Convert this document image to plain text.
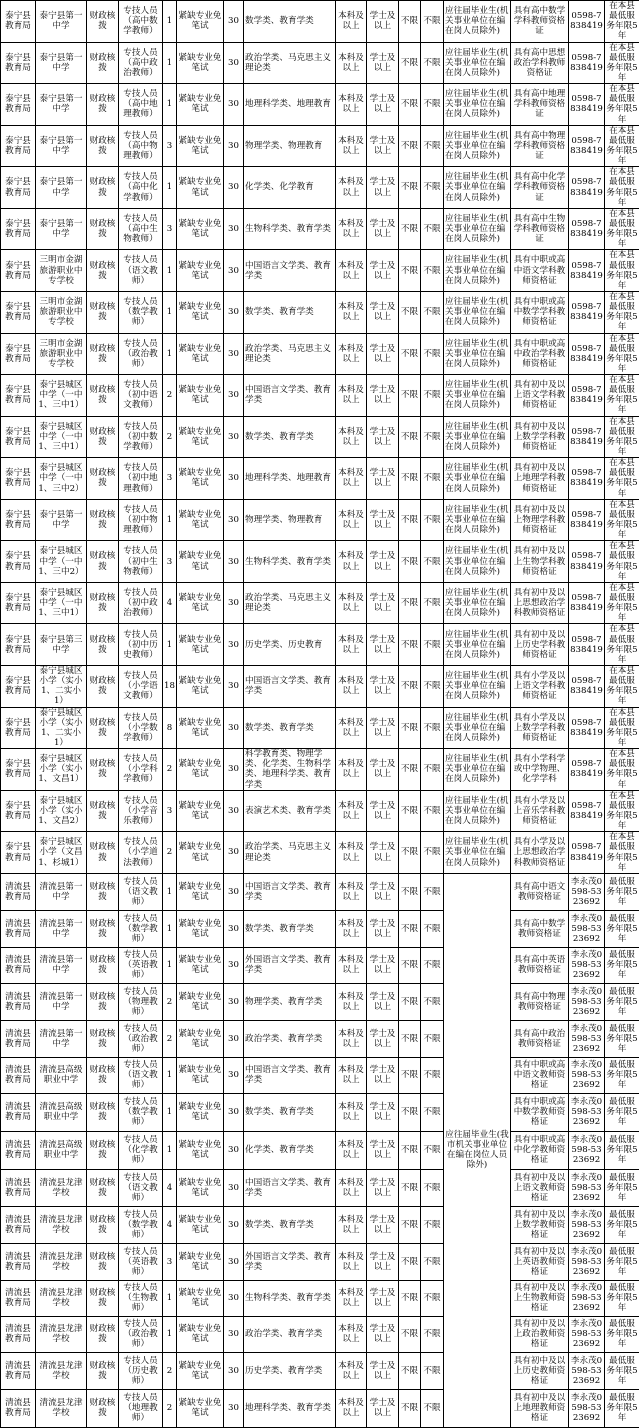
泰宁县教育局	泰宁县第一中学	财政核拨	专技人员（高中数学教师）	1	紧缺专业免笔试	30	数学类、教育学类	本科及以上	学士及以上	不限	不限	应往届毕业生(机关事业单位在编在岗人员除外)	具有高中数学学科教师资格证	0598-7838419	在本县最低服务年限5年
泰宁县教育局	泰宁县第一中学	财政核拨	专技人员（高中政治教师）	1	紧缺专业免笔试	30	政治学类、马克思主义理论类	本科及以上	学士及以上	不限	不限	应往届毕业生(机关事业单位在编在岗人员除外)	具有高中思想政治学科教师资格证	0598-7838419	在本县最低服务年限5年
泰宁县教育局	泰宁县第一中学	财政核拨	专技人员（高中地理教师）	1	紧缺专业免笔试	30	地理科学类、地理教育	本科及以上	学士及以上	不限	不限	应往届毕业生(机关事业单位在编在岗人员除外)	具有高中地理学科教师资格证	0598-7838419	在本县最低服务年限5年
泰宁县教育局	泰宁县第一中学	财政核拨	专技人员（高中物理教师）	3	紧缺专业免笔试	30	物理学类、物理教育	本科及以上	学士及以上	不限	不限	应往届毕业生(机关事业单位在编在岗人员除外)	具有高中物理学科教师资格证	0598-7838419	在本县最低服务年限5年
泰宁县教育局	泰宁县第一中学	财政核拨	专技人员（高中化学教师）	1	紧缺专业免笔试	30	化学类、化学教育	本科及以上	学士及以上	不限	不限	应往届毕业生(机关事业单位在编在岗人员除外)	具有高中化学学科教师资格证	0598-7838419	在本县最低服务年限5年
泰宁县教育局	泰宁县第一中学	财政核拨	专技人员（高中生物教师）	3	紧缺专业免笔试	30	生物科学类、教育学类	本科及以上	学士及以上	不限	不限	应往届毕业生(机关事业单位在编在岗人员除外)	具有高中生物学科教师资格证	0598-7838419	在本县最低服务年限5年
泰宁县教育局	三明市金湖旅游职业中专学校	财政核拨	专技人员（语文教师）	1	紧缺专业免笔试	30	中国语言文学类、教育学类	本科及以上	学士及以上	不限	不限	应往届毕业生(机关事业单位在编在岗人员除外)	具有中职或高中语文学科教师资格证	0598-7838419	在本县最低服务年限5年
泰宁县教育局	三明市金湖旅游职业中专学校	财政核拨	专技人员（数学教师）	1	紧缺专业免笔试	30	数学类、教育学类	本科及以上	学士及以上	不限	不限	应往届毕业生(机关事业单位在编在岗人员除外)	具有中职或高中数学学科教师资格证	0598-7838419	在本县最低服务年限5年
泰宁县教育局	三明市金湖旅游职业中专学校	财政核拨	专技人员（政治教师）	1	紧缺专业免笔试	30	政治学类、马克思主义理论类	本科及以上	学士及以上	不限	不限	应往届毕业生(机关事业单位在编在岗人员除外)	具有中职或高中政治学科教师资格证	0598-7838419	在本县最低服务年限5年
泰宁县教育局	泰宁县城区中学（一中1、三中1）	财政核拨	专技人员（初中语文教师）	2	紧缺专业免笔试	30	中国语言文学类、教育学类	本科及以上	学士及以上	不限	不限	应往届毕业生(机关事业单位在编在岗人员除外)	具有初中及以上语文学科教师资格证	0598-7838419	在本县最低服务年限5年
泰宁县教育局	泰宁县城区中学（一中1、三中1）	财政核拨	专技人员（初中数学教师）	2	紧缺专业免笔试	30	数学类、教育学类	本科及以上	学士及以上	不限	不限	应往届毕业生(机关事业单位在编在岗人员除外)	具有初中及以上数学学科教师资格证	0598-7838419	在本县最低服务年限5年
泰宁县教育局	泰宁县城区中学（一中1、三中2）	财政核拨	专技人员（初中地理教师）	3	紧缺专业免笔试	30	地理科学类、地理教育	本科及以上	学士及以上	不限	不限	应往届毕业生(机关事业单位在编在岗人员除外)	具有初中及以上地理学科教师资格证	0598-7838419	在本县最低服务年限5年
泰宁县教育局	泰宁县第一中学	财政核拨	专技人员（初中物理教师）	1	紧缺专业免笔试	30	物理学类、物理教育	本科及以上	学士及以上	不限	不限	应往届毕业生(机关事业单位在编在岗人员除外)	具有初中及以上物理学科教师资格证	0598-7838419	在本县最低服务年限5年
泰宁县教育局	泰宁县城区中学（一中1、三中2）	财政核拨	专技人员（初中生物教师）	3	紧缺专业免笔试	30	生物科学类、教育学类	本科及以上	学士及以上	不限	不限	应往届毕业生(机关事业单位在编在岗人员除外)	具有初中及以上生物学科教师资格证	0598-7838419	在本县最低服务年限5年
泰宁县教育局	泰宁县城区中学（一中1、三中1）	财政核拨	专技人员（初中政治教师）	4	紧缺专业免笔试	30	政治学类、马克思主义理论类	本科及以上	学士及以上	不限	不限	应往届毕业生(机关事业单位在编在岗人员除外)	具有初中及以上思想政治学科教师资格证	0598-7838419	在本县最低服务年限5年
泰宁县教育局	泰宁县第三中学	财政核拨	专技人员（初中历史教师）	1	紧缺专业免笔试	30	历史学类、历史教育	本科及以上	学士及以上	不限	不限	应往届毕业生(机关事业单位在编在岗人员除外)	具有初中及以上历史学科教师资格证	0598-7838419	在本县最低服务年限5年
泰宁县教育局	泰宁县城区小学（实小1、二实小1）	财政核拨	专技人员（小学语文教师）	18	紧缺专业免笔试	30	中国语言文学类、教育学类	本科及以上	学士及以上	不限	不限	应往届毕业生(机关事业单位在编在岗人员除外)	具有小学及以上语文学科教师资格证	0598-7838419	在本县最低服务年限5年
泰宁县教育局	泰宁县城区小学（实小1、二实小1）	财政核拨	专技人员（小学数学教师）	8	紧缺专业免笔试	30	数学类、教育学类	本科及以上	学士及以上	不限	不限	应往届毕业生(机关事业单位在编在岗人员除外)	具有小学及以上数学学科教师资格证	0598-7838419	在本县最低服务年限5年
泰宁县教育局	泰宁县城区小学（实小1、文昌1）	财政核拨	专技人员（小学科学教师）	2	紧缺专业免笔试	30	科学教育类、物理学类、化学类、生物科学类、地理科学类、教育学类	本科及以上	学士及以上	不限	不限	应往届毕业生(机关事业单位在编在岗人员除外)	具有小学科学或中学物理、化学学科	0598-7838419	在本县最低服务年限5年
泰宁县教育局	泰宁县城区小学（实小1、文昌2）	财政核拨	专技人员（小学音乐教师）	3	紧缺专业免笔试	30	表演艺术类、教育学类	本科及以上	学士及以上	不限	不限	应往届毕业生(机关事业单位在编在岗人员除外)	具有小学及以上音乐学科教师资格证	0598-7838419	在本县最低服务年限5年
泰宁县教育局	泰宁县城区小学（文昌1、杉城1）	财政核拨	专技人员（小学道法教师）	2	紧缺专业免笔试	30	政治学类、马克思主义理论类	本科及以上	学士及以上	不限	不限	应往届毕业生(机关事业单位在编在岗人员除外)	具有小学及以上思想政治学科教师资格证	0598-7838419	在本县最低服务年限5年
清流县教育局	清流县第一中学	财政核拨	专技人员（语文教师）	1	紧缺专业免笔试	30	中国语言文学类、教育学类	本科及以上	学士及以上	不限	不限	应往届毕业生(我市机关事业单位在编在岗位人员除外)	具有高中语文教师资格证	李永茂0598-5323692	最低服务年限5年
清流县教育局	清流县第一中学	财政核拨	专技人员（数学教师）	1	紧缺专业免笔试	30	数学类、教育学类	本科及以上	学士及以上	不限	不限		具有高中数学教师资格证	李永茂0598-5323692	最低服务年限5年
清流县教育局	清流县第一中学	财政核拨	专技人员（英语教师）	1	紧缺专业免笔试	30	外国语言文学类、教育学类	本科及以上	学士及以上	不限	不限		具有高中英语教师资格证	李永茂0598-5323692	最低服务年限5年
清流县教育局	清流县第一中学	财政核拨	专技人员（物理教师）	2	紧缺专业免笔试	30	物理学类、教育学类	本科及以上	学士及以上	不限	不限		具有高中物理教师资格证	李永茂0598-5323692	最低服务年限5年
清流县教育局	清流县第一中学	财政核拨	专技人员（政治教师）	2	紧缺专业免笔试	30	政治学类、教育学类	本科及以上	学士及以上	不限	不限		具有高中政治教师资格证	李永茂0598-5323692	最低服务年限5年
清流县教育局	清流县高级职业中学	财政核拨	专技人员（语文教师）	1	紧缺专业免笔试	30	中国语言文学类、教育学类	本科及以上	学士及以上	不限	不限		具有中职或高中语文教师资格证	李永茂0598-5323692	最低服务年限5年
清流县教育局	清流县高级职业中学	财政核拨	专技人员（数学教师）	1	紧缺专业免笔试	30	数学类、教育学类	本科及以上	学士及以上	不限	不限		具有中职或高中数学教师资格证	李永茂0598-5323692	最低服务年限5年
清流县教育局	清流县高级职业中学	财政核拨	专技人员（化学教师）	1	紧缺专业免笔试	30	化学类、教育学类	本科及以上	学士及以上	不限	不限		具有中职或高中化学教师资格证	李永茂0598-5323692	最低服务年限5年
清流县教育局	清流县龙津学校	财政核拨	专技人员（语文教师）	4	紧缺专业免笔试	30	中国语言文学类、教育学类	本科及以上	学士及以上	不限	不限		具有初中及以上语文教师资格证	李永茂0598-5323692	最低服务年限5年
清流县教育局	清流县龙津学校	财政核拨	专技人员（数学教师）	4	紧缺专业免笔试	30	数学类、教育学类	本科及以上	学士及以上	不限	不限		具有初中及以上数学教师资格证	李永茂0598-5323692	最低服务年限5年
清流县教育局	清流县龙津学校	财政核拨	专技人员（英语教师）	3	紧缺专业免笔试	30	外国语言文学类、教育学类	本科及以上	学士及以上	不限	不限		具有初中及以上英语教师资格证	李永茂0598-5323692	最低服务年限5年
清流县教育局	清流县龙津学校	财政核拨	专技人员（生物教师）	1	紧缺专业免笔试	30	生物科学类、教育学类	本科及以上	学士及以上	不限	不限		具有初中及以上生物教师资格证	李永茂0598-5323692	最低服务年限5年
清流县教育局	清流县龙津学校	财政核拨	专技人员（政治教师）	1	紧缺专业免笔试	30	政治学类、教育学类	本科及以上	学士及以上	不限	不限		具有初中及以上政治教师资格证	李永茂0598-5323692	最低服务年限5年
清流县教育局	清流县龙津学校	财政核拨	专技人员（历史教师）	2	紧缺专业免笔试	30	历史学类、教育学类	本科及以上	学士及以上	不限	不限		具有初中及以上历史教师资格证	李永茂0598-5323692	最低服务年限5年
清流县教育局	清流县龙津学校	财政核拨	专技人员（地理教师）	2	紧缺专业免笔试	30	地理科学类、教育学类	本科及以上	学士及以上	不限	不限		具有初中及以上地理教师资格证	李永茂0598-5323692	最低服务年限5年
